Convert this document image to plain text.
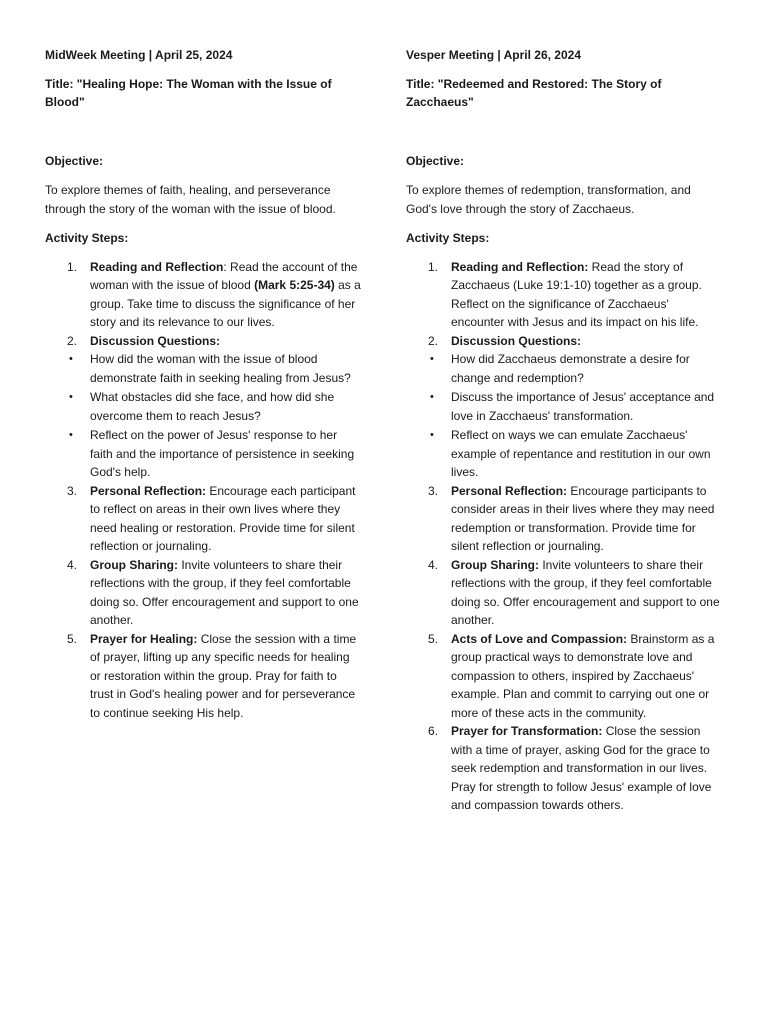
MidWeek Meeting | April 25, 2024

Title: "Healing Hope: The Woman with the Issue of Blood"

Objective:

To explore themes of faith, healing, and perseverance through the story of the woman with the issue of blood.

Activity Steps:

1. Reading and Reflection: Read the account of the woman with the issue of blood (Mark 5:25-34) as a group. Take time to discuss the significance of her story and its relevance to our lives.
2. Discussion Questions:
• How did the woman with the issue of blood demonstrate faith in seeking healing from Jesus?
• What obstacles did she face, and how did she overcome them to reach Jesus?
• Reflect on the power of Jesus' response to her faith and the importance of persistence in seeking God's help.
3. Personal Reflection: Encourage each participant to reflect on areas in their own lives where they need healing or restoration. Provide time for silent reflection or journaling.
4. Group Sharing: Invite volunteers to share their reflections with the group, if they feel comfortable doing so. Offer encouragement and support to one another.
5. Prayer for Healing: Close the session with a time of prayer, lifting up any specific needs for healing or restoration within the group. Pray for faith to trust in God's healing power and for perseverance to continue seeking His help.

Vesper Meeting | April 26, 2024

Title: "Redeemed and Restored: The Story of Zacchaeus"

Objective:

To explore themes of redemption, transformation, and God's love through the story of Zacchaeus.

Activity Steps:

1. Reading and Reflection: Read the story of Zacchaeus (Luke 19:1-10) together as a group. Reflect on the significance of Zacchaeus' encounter with Jesus and its impact on his life.
2. Discussion Questions:
• How did Zacchaeus demonstrate a desire for change and redemption?
• Discuss the importance of Jesus' acceptance and love in Zacchaeus' transformation.
• Reflect on ways we can emulate Zacchaeus' example of repentance and restitution in our own lives.
3. Personal Reflection: Encourage participants to consider areas in their lives where they may need redemption or transformation. Provide time for silent reflection or journaling.
4. Group Sharing: Invite volunteers to share their reflections with the group, if they feel comfortable doing so. Offer encouragement and support to one another.
5. Acts of Love and Compassion: Brainstorm as a group practical ways to demonstrate love and compassion to others, inspired by Zacchaeus' example. Plan and commit to carrying out one or more of these acts in the community.
6. Prayer for Transformation: Close the session with a time of prayer, asking God for the grace to seek redemption and transformation in our lives. Pray for strength to follow Jesus' example of love and compassion towards others.
